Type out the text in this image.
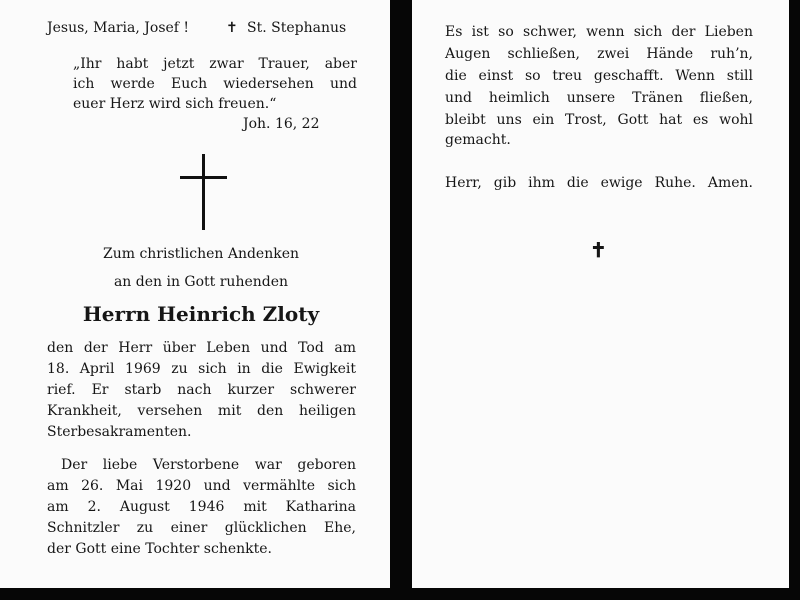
Jesus, Maria, Josef !	✝ St. Stephanus
„Ihr habt jetzt zwar Trauer, aber
ich werde Euch wiedersehen und
euer Herz wird sich freuen.“
Joh. 16, 22
Zum christlichen Andenken
an den in Gott ruhenden
Herrn Heinrich Zloty
den der Herr über Leben und Tod am
18. April 1969 zu sich in die Ewigkeit
rief. Er starb nach kurzer schwerer
Krankheit, versehen mit den heiligen
Sterbesakramenten.
Der liebe Verstorbene war geboren
am 26. Mai 1920 und vermählte sich
am 2. August 1946 mit Katharina
Schnitzler zu einer glücklichen Ehe,
der Gott eine Tochter schenkte.
Es ist so schwer, wenn sich der Lieben
Augen schließen, zwei Hände ruh’n,
die einst so treu geschafft. Wenn still
und heimlich unsere Tränen fließen,
bleibt uns ein Trost, Gott hat es wohl
gemacht.
Herr, gib ihm die ewige Ruhe. Amen.
✝
